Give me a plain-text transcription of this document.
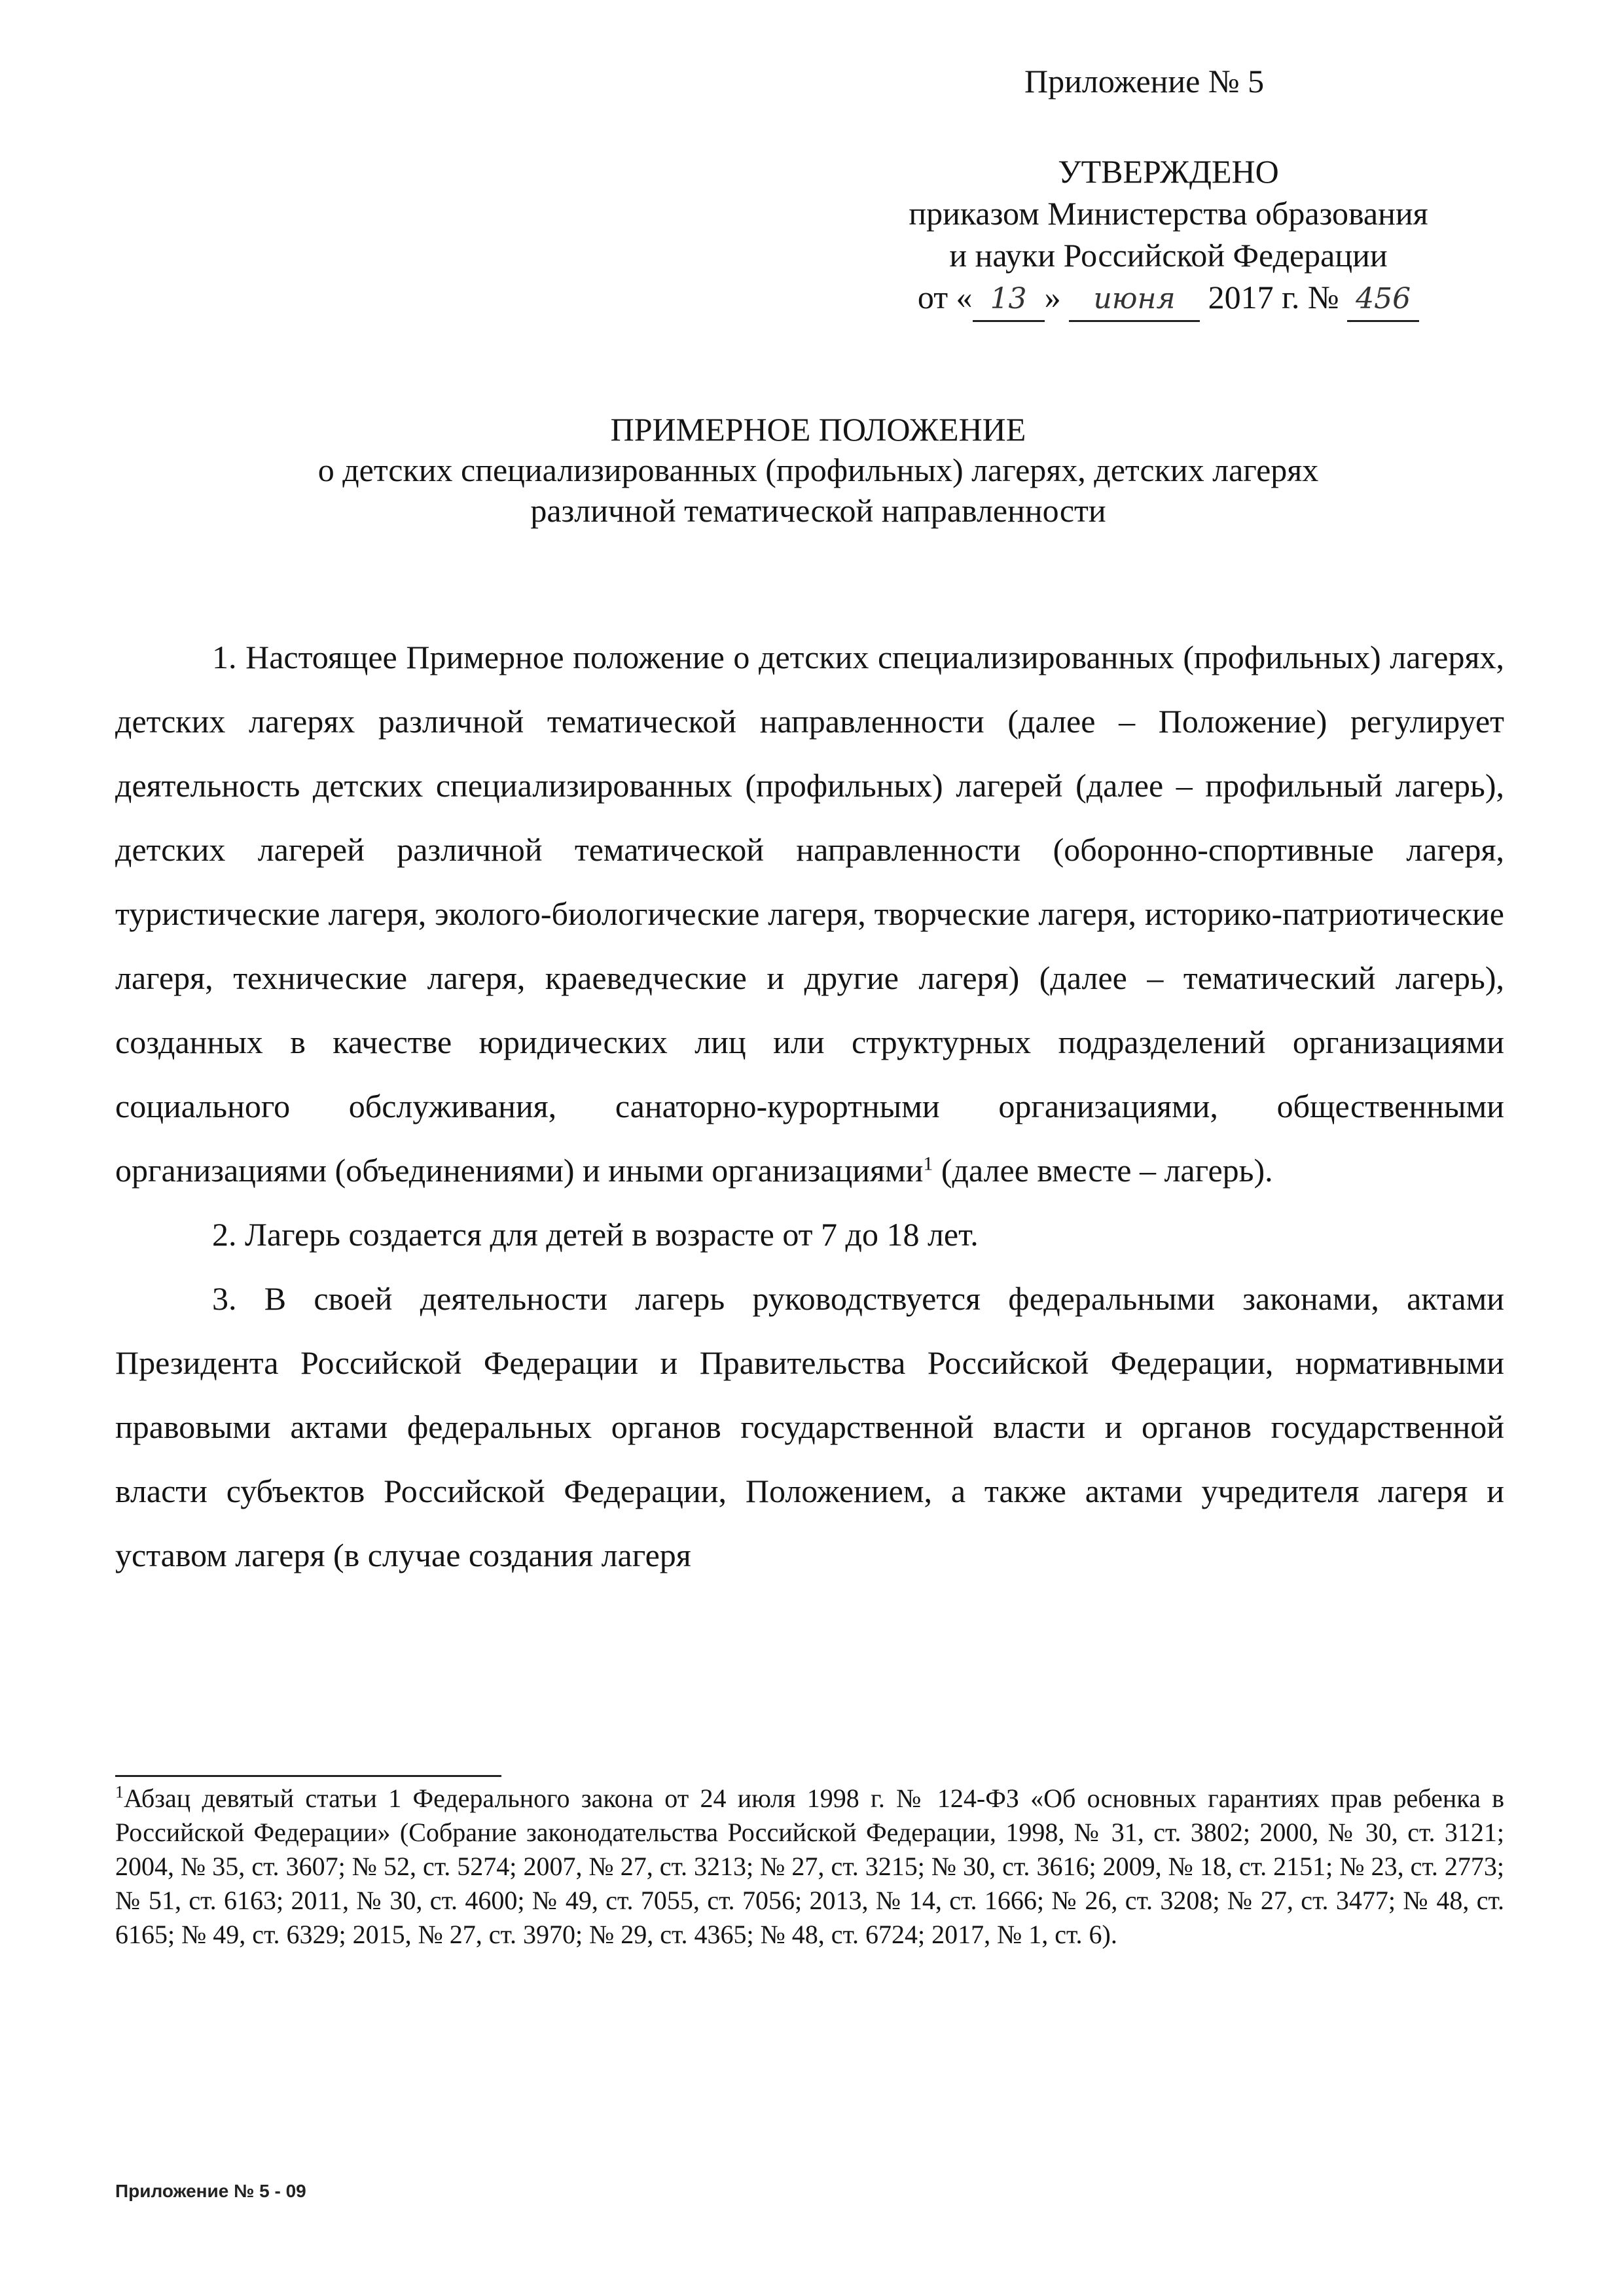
Приложение № 5
УТВЕРЖДЕНО
приказом Министерства образования
и науки Российской Федерации
от « 13 » июня 2017 г. № 456
ПРИМЕРНОЕ ПОЛОЖЕНИЕ
о детских специализированных (профильных) лагерях, детских лагерях
различной тематической направленности

1. Настоящее Примерное положение о детских специализированных (профильных) лагерях, детских лагерях различной тематической направленности (далее – Положение) регулирует деятельность детских специализированных (профильных) лагерей (далее – профильный лагерь), детских лагерей различной тематической направленности (оборонно-спортивные лагеря, туристические лагеря, эколого-биологические лагеря, творческие лагеря, историко-патриотические лагеря, технические лагеря, краеведческие и другие лагеря) (далее – тематический лагерь), созданных в качестве юридических лиц или структурных подразделений организациями социального обслуживания, санаторно-курортными организациями, общественными организациями (объединениями) и иными организациями$^1$ (далее вместе – лагерь).

2. Лагерь создается для детей в возрасте от 7 до 18 лет.

3. В своей деятельности лагерь руководствуется федеральными законами, актами Президента Российской Федерации и Правительства Российской Федерации, нормативными правовыми актами федеральных органов государственной власти и органов государственной власти субъектов Российской Федерации, Положением, а также актами учредителя лагеря и уставом лагеря (в случае создания лагеря

$^1$Абзац девятый статьи 1 Федерального закона от 24 июля 1998 г. № 124-ФЗ «Об основных гарантиях прав ребенка в Российской Федерации» (Собрание законодательства Российской Федерации, 1998, № 31, ст. 3802; 2000, № 30, ст. 3121; 2004, № 35, ст. 3607; № 52, ст. 5274; 2007, № 27, ст. 3213; № 27, ст. 3215; № 30, ст. 3616; 2009, № 18, ст. 2151; № 23, ст. 2773; № 51, ст. 6163; 2011, № 30, ст. 4600; № 49, ст. 7055, ст. 7056; 2013, № 14, ст. 1666; № 26, ст. 3208; № 27, ст. 3477; № 48, ст. 6165; № 49, ст. 6329; 2015, № 27, ст. 3970; № 29, ст. 4365; № 48, ст. 6724; 2017, № 1, ст. 6).
Приложение № 5 - 09
